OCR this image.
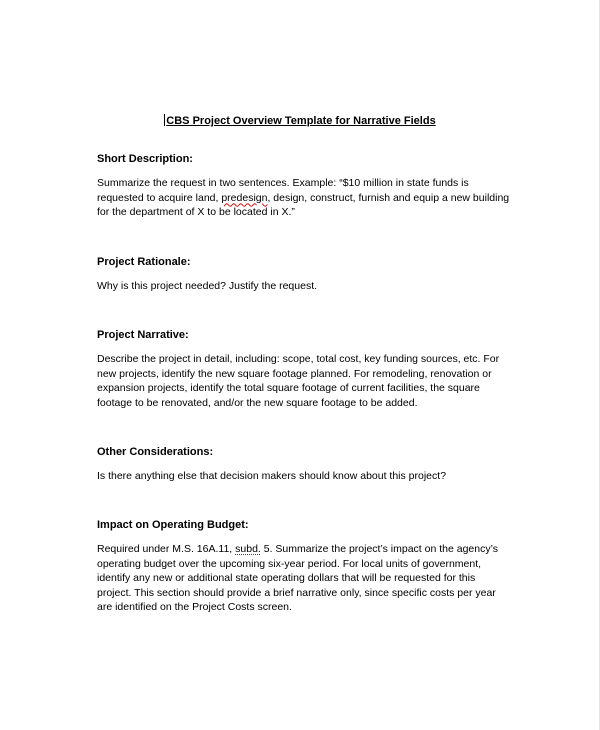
CBS Project Overview Template for Narrative Fields
Short Description:
Summarize the request in two sentences. Example: “$10 million in state funds is requested to acquire land, predesign, design, construct, furnish and equip a new building for the department of X to be located in X.”
Project Rationale:
Why is this project needed? Justify the request.
Project Narrative:
Describe the project in detail, including: scope, total cost, key funding sources, etc. For new projects, identify the new square footage planned. For remodeling, renovation or expansion projects, identify the total square footage of current facilities, the square footage to be renovated, and/or the new square footage to be added.
Other Considerations:
Is there anything else that decision makers should know about this project?
Impact on Operating Budget:
Required under M.S. 16A.11, subd. 5. Summarize the project’s impact on the agency’s operating budget over the upcoming six-year period. For local units of government, identify any new or additional state operating dollars that will be requested for this project. This section should provide a brief narrative only, since specific costs per year are identified on the Project Costs screen.
